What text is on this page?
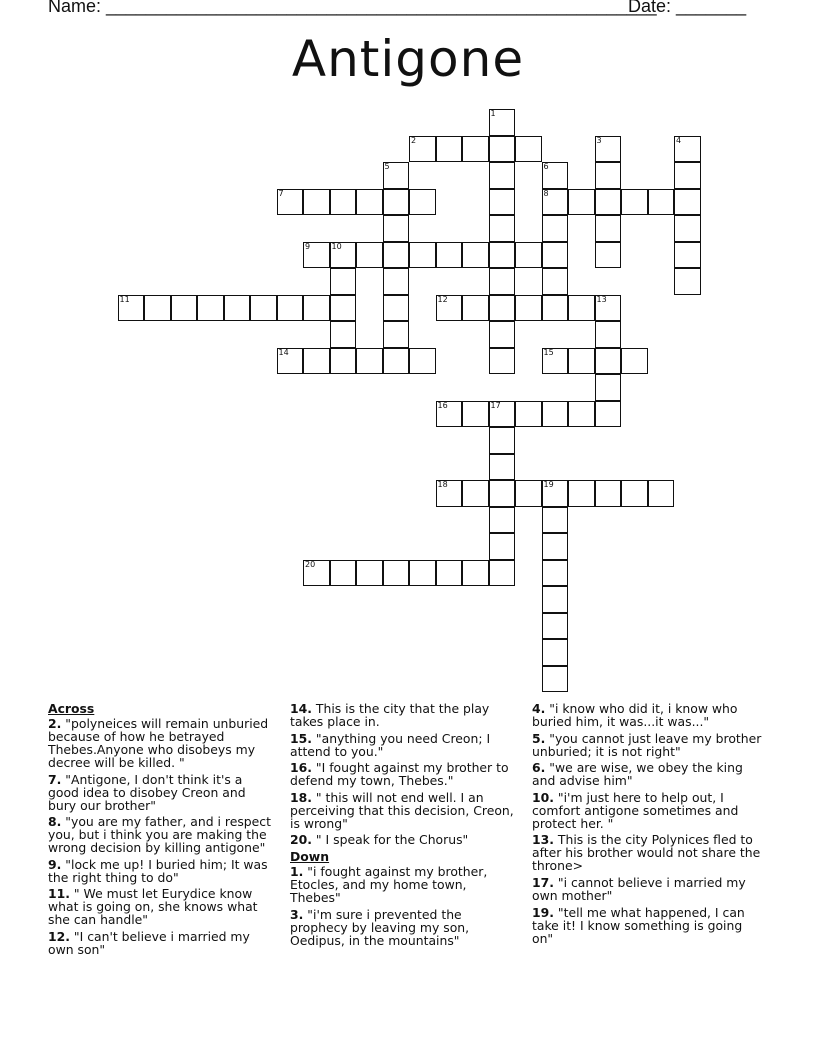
Name: _______________________________________________________
Date: _______
Antigone
1
2	3	4
5	6
8
7
9	10
11	12	13
14	15
16	17
18	19
20
Across
2. "polyneices will remain unburied because of how he betrayed Thebes.Anyone who disobeys my decree will be killed. "
7. "Antigone, I don't think it's a good idea to disobey Creon and bury our brother"
8. "you are my father, and i respect you, but i think you are making the wrong decision by killing antigone"
9. "lock me up! I buried him; It was the right thing to do"
11. " We must let Eurydice know what is going on, she knows what she can handle"
12. "I can't believe i married my own son"
14. This is the city that the play takes place in.
15. "anything you need Creon; I attend to you."
16. "I fought against my brother to defend my town, Thebes."
18. " this will not end well. I an perceiving that this decision, Creon, is wrong"
20. " I speak for the Chorus"
Down
1. "i fought against my brother, Etocles, and my home town, Thebes"
3. "i'm sure i prevented the prophecy by leaving my son, Oedipus, in the mountains"
4. "i know who did it, i know who buried him, it was...it was..."
5. "you cannot just leave my brother unburied; it is not right"
6. "we are wise, we obey the king and advise him"
10. "i'm just here to help out, I comfort antigone sometimes and protect her. "
13. This is the city Polynices fled to after his brother would not share the throne>
17. "i cannot believe i married my own mother"
19. "tell me what happened, I can take it! I know something is going on"
